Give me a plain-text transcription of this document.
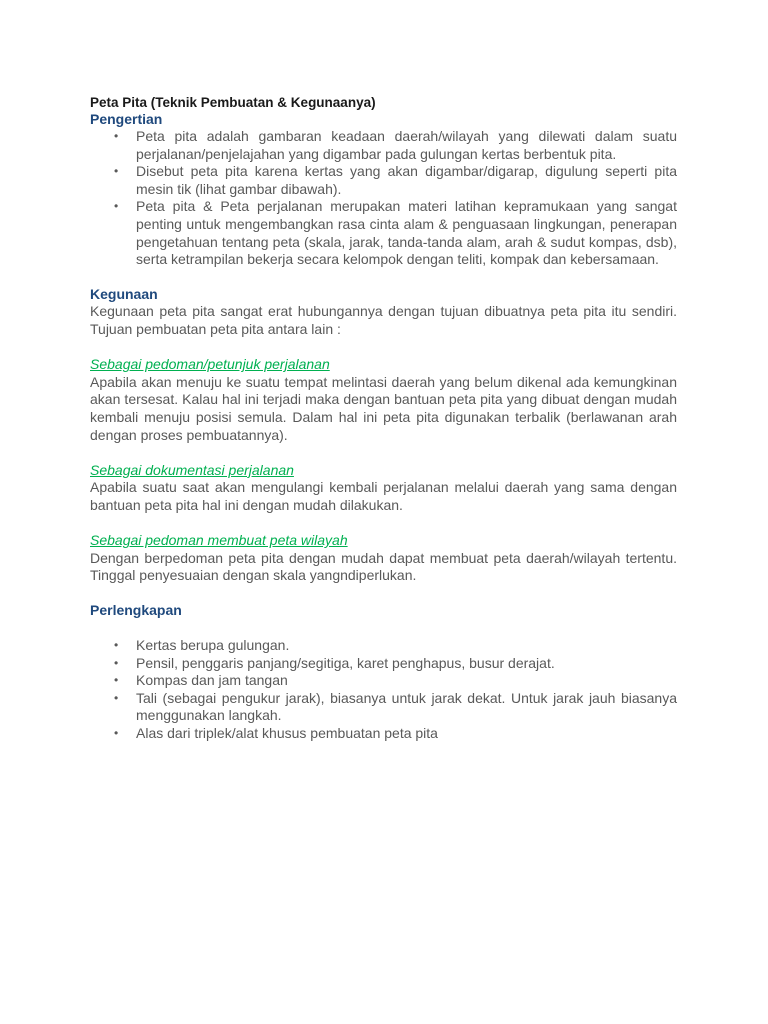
Peta Pita (Teknik Pembuatan & Kegunaanya)

Pengertian

• Peta pita adalah gambaran keadaan daerah/wilayah yang dilewati dalam suatu perjalanan/penjelajahan yang digambar pada gulungan kertas berbentuk pita.
• Disebut peta pita karena kertas yang akan digambar/digarap, digulung seperti pita mesin tik (lihat gambar dibawah).
• Peta pita & Peta perjalanan merupakan materi latihan kepramukaan yang sangat penting untuk mengembangkan rasa cinta alam & penguasaan lingkungan, penerapan pengetahuan tentang peta (skala, jarak, tanda-tanda alam, arah & sudut kompas, dsb), serta ketrampilan bekerja secara kelompok dengan teliti, kompak dan kebersamaan.

Kegunaan

Kegunaan peta pita sangat erat hubungannya dengan tujuan dibuatnya peta pita itu sendiri. Tujuan pembuatan peta pita antara lain :

Sebagai pedoman/petunjuk perjalanan

Apabila akan menuju ke suatu tempat melintasi daerah yang belum dikenal ada kemungkinan akan tersesat. Kalau hal ini terjadi maka dengan bantuan peta pita yang dibuat dengan mudah kembali menuju posisi semula. Dalam hal ini peta pita digunakan terbalik (berlawanan arah dengan proses pembuatannya).

Sebagai dokumentasi perjalanan

Apabila suatu saat akan mengulangi kembali perjalanan melalui daerah yang sama dengan bantuan peta pita hal ini dengan mudah dilakukan.

Sebagai pedoman membuat peta wilayah

Dengan berpedoman peta pita dengan mudah dapat membuat peta daerah/wilayah tertentu. Tinggal penyesuaian dengan skala yangndiperlukan.

Perlengkapan

• Kertas berupa gulungan.
• Pensil, penggaris panjang/segitiga, karet penghapus, busur derajat.
• Kompas dan jam tangan
• Tali (sebagai pengukur jarak), biasanya untuk jarak dekat. Untuk jarak jauh biasanya menggunakan langkah.
• Alas dari triplek/alat khusus pembuatan peta pita
